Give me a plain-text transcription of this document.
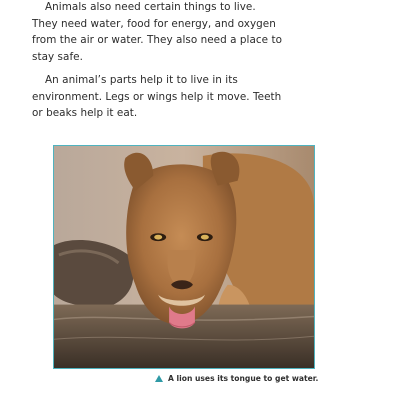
Animals also need certain things to live. They need water, food for energy, and oxygen from the air or water. They also need a place to stay safe.

An animal’s parts help it to live in its environment. Legs or wings help it move. Teeth or beaks help it eat.

A lion uses its tongue to get water.
